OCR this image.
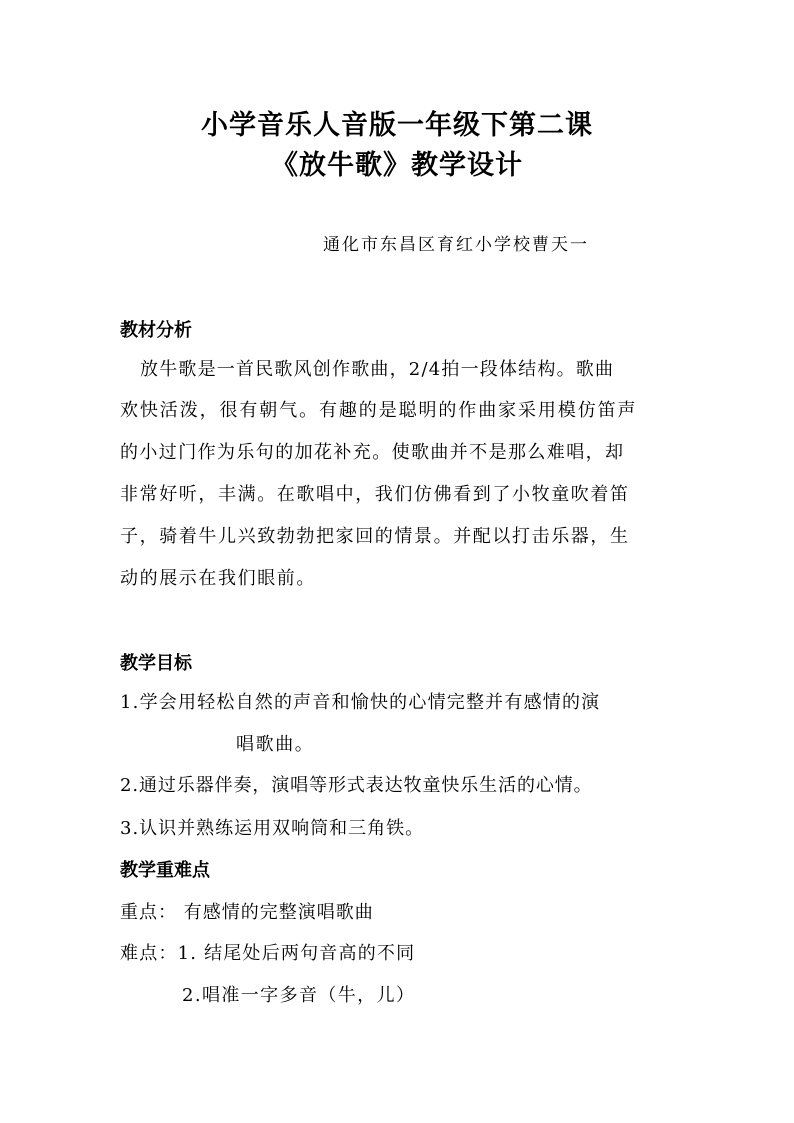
小学音乐人音版一年级下第二课
《放牛歌》教学设计
通化市东昌区育红小学校曹天一
教材分析
放牛歌是一首民歌风创作歌曲，2/4拍一段体结构。歌曲
欢快活泼，很有朝气。有趣的是聪明的作曲家采用模仿笛声
的小过门作为乐句的加花补充。使歌曲并不是那么难唱，却
非常好听，丰满。在歌唱中，我们仿佛看到了小牧童吹着笛
子，骑着牛儿兴致勃勃把家回的情景。并配以打击乐器，生
动的展示在我们眼前。
教学目标
1.学会用轻松自然的声音和愉快的心情完整并有感情的演
唱歌曲。
2.通过乐器伴奏，演唱等形式表达牧童快乐生活的心情。
3.认识并熟练运用双响筒和三角铁。
教学重难点
重点： 有感情的完整演唱歌曲
难点：1. 结尾处后两句音高的不同
2.唱准一字多音（牛，儿）
